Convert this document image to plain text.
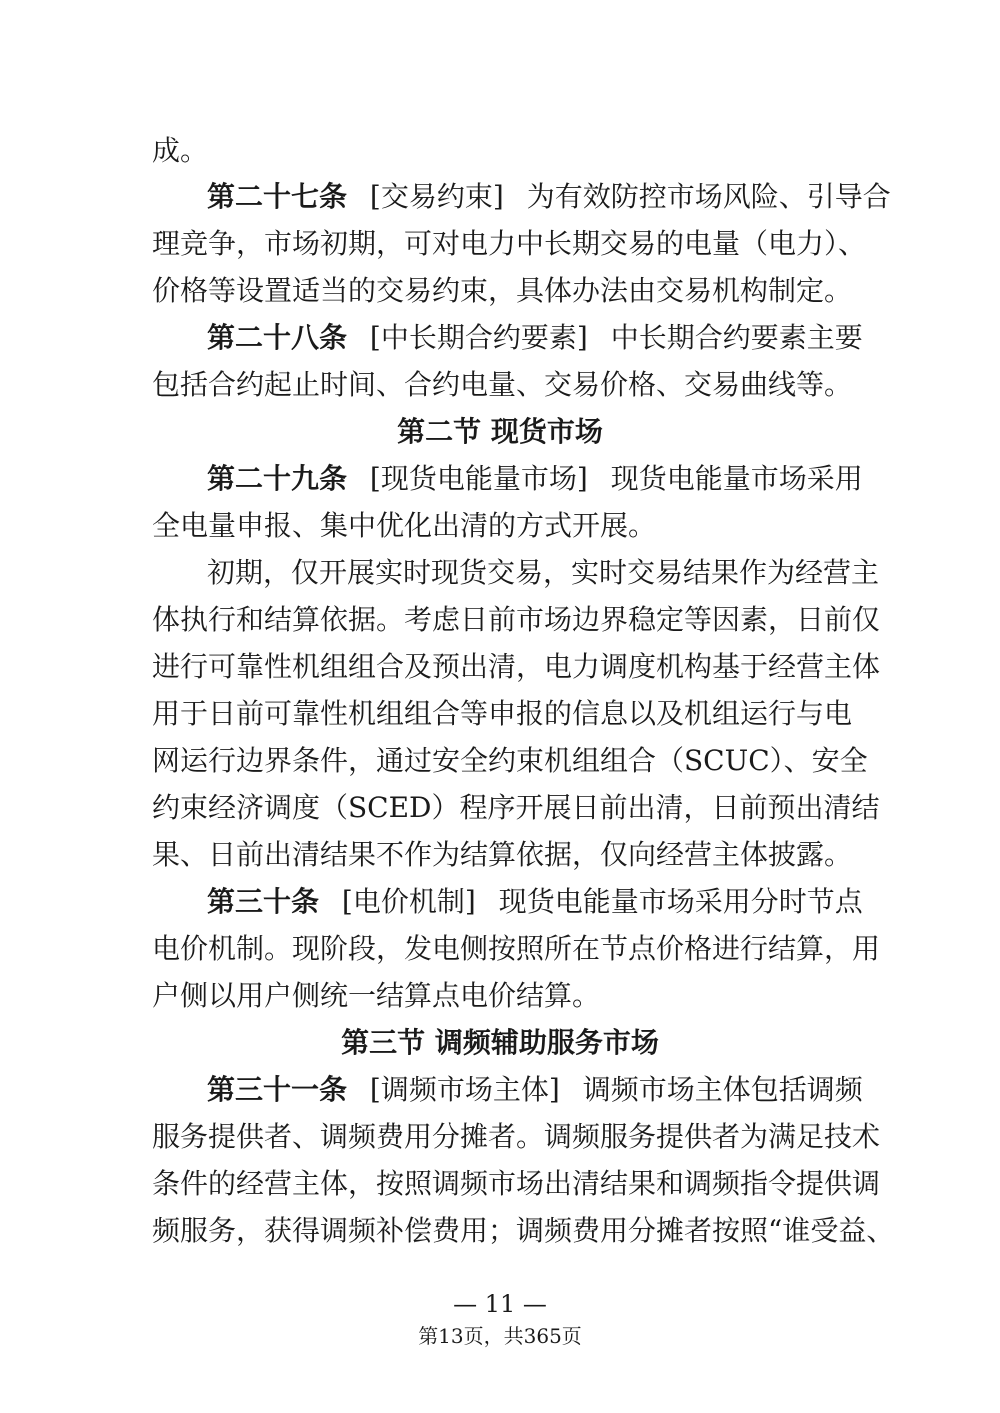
成。

第二十七条 [交易约束] 为有效防控市场风险、引导合

理竞争，市场初期，可对电力中长期交易的电量（电力）、

价格等设置适当的交易约束，具体办法由交易机构制定。

第二十八条 [中长期合约要素] 中长期合约要素主要

包括合约起止时间、合约电量、交易价格、交易曲线等。

第二节 现货市场

第二十九条 [现货电能量市场] 现货电能量市场采用

全电量申报、集中优化出清的方式开展。

初期，仅开展实时现货交易，实时交易结果作为经营主

体执行和结算依据。考虑日前市场边界稳定等因素，日前仅

进行可靠性机组组合及预出清，电力调度机构基于经营主体

用于日前可靠性机组组合等申报的信息以及机组运行与电

网运行边界条件，通过安全约束机组组合（SCUC）、安全

约束经济调度（SCED）程序开展日前出清，日前预出清结

果、日前出清结果不作为结算依据，仅向经营主体披露。

第三十条 [电价机制] 现货电能量市场采用分时节点

电价机制。现阶段，发电侧按照所在节点价格进行结算，用

户侧以用户侧统一结算点电价结算。

第三节 调频辅助服务市场

第三十一条 [调频市场主体] 调频市场主体包括调频

服务提供者、调频费用分摊者。调频服务提供者为满足技术

条件的经营主体，按照调频市场出清结果和调频指令提供调

频服务，获得调频补偿费用；调频费用分摊者按照“谁受益、

— 11 —
第13页，共365页
